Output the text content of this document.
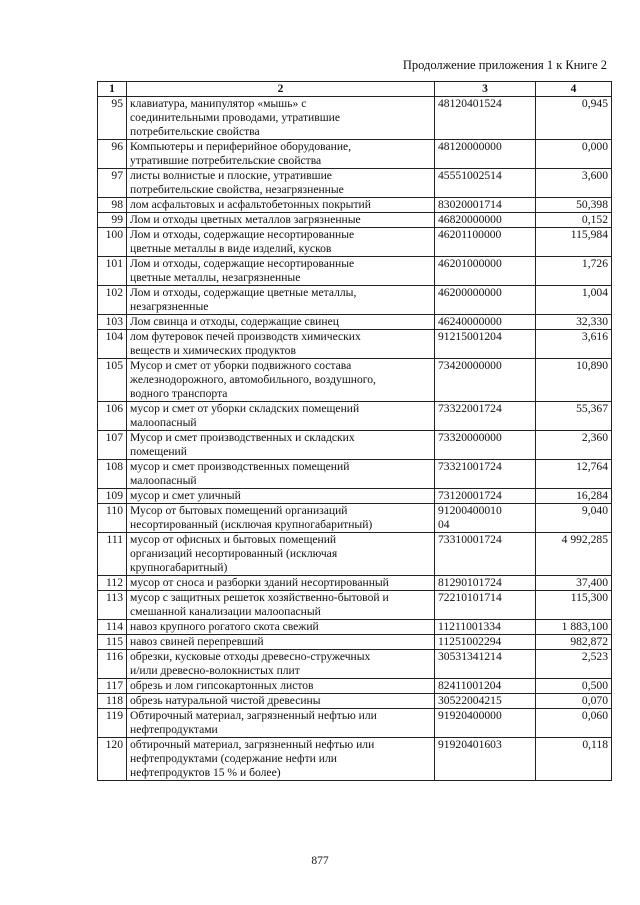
Продолжение приложения 1 к Книге 2
1	2	3	4
95	клавиатура, манипулятор «мышь» с
соединительными проводами, утратившие
потребительские свойства	48120401524	0,945
96	Компьютеры и периферийное оборудование,
утратившие потребительские свойства	48120000000	0,000
97	листы волнистые и плоские, утратившие
потребительские свойства, незагрязненные	45551002514	3,600
98	лом асфальтовых и асфальтобетонных покрытий	83020001714	50,398
99	Лом и отходы цветных металлов загрязненные	46820000000	0,152
100	Лом и отходы, содержащие несортированные
цветные металлы в виде изделий, кусков	46201100000	115,984
101	Лом и отходы, содержащие несортированные
цветные металлы, незагрязненные	46201000000	1,726
102	Лом и отходы, содержащие цветные металлы,
незагрязненные	46200000000	1,004
103	Лом свинца и отходы, содержащие свинец	46240000000	32,330
104	лом футеровок печей производств химических
веществ и химических продуктов	91215001204	3,616
105	Мусор и смет от уборки подвижного состава
железнодорожного, автомобильного, воздушного,
водного транспорта	73420000000	10,890
106	мусор и смет от уборки складских помещений
малоопасный	73322001724	55,367
107	Мусор и смет производственных и складских
помещений	73320000000	2,360
108	мусор и смет производственных помещений
малоопасный	73321001724	12,764
109	мусор и смет уличный	73120001724	16,284
110	Мусор от бытовых помещений организаций
несортированный (исключая крупногабаритный)	91200400010
04	9,040
111	мусор от офисных и бытовых помещений
организаций несортированный (исключая
крупногабаритный)	73310001724	4 992,285
112	мусор от сноса и разборки зданий несортированный	81290101724	37,400
113	мусор с защитных решеток хозяйственно-бытовой и
смешанной канализации малоопасный	72210101714	115,300
114	навоз крупного рогатого скота свежий	11211001334	1 883,100
115	навоз свиней перепревший	11251002294	982,872
116	обрезки, кусковые отходы древесно-стружечных
и/или древесно-волокнистых плит	30531341214	2,523
117	обрезь и лом гипсокартонных листов	82411001204	0,500
118	обрезь натуральной чистой древесины	30522004215	0,070
119	Обтирочный материал, загрязненный нефтью или
нефтепродуктами	91920400000	0,060
120	обтирочный материал, загрязненный нефтью или
нефтепродуктами (содержание нефти или
нефтепродуктов 15 % и более)	91920401603	0,118
877
